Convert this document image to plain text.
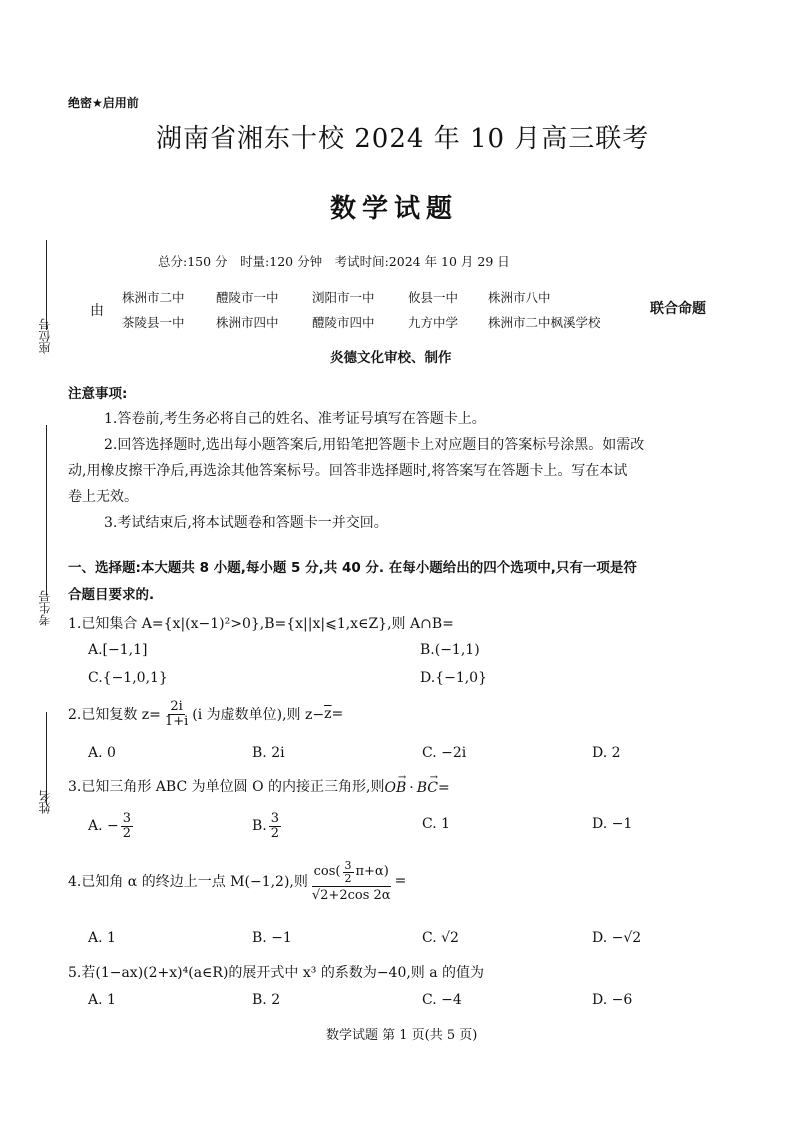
座位号
考生号
姓名
绝密★启用前
湖南省湘东十校 2024 年 10 月高三联考
数学试题
总分:150 分　时量:120 分钟　考试时间:2024 年 10 月 29 日
由
株洲市二中	醴陵市一中	浏阳市一中	攸县一中 株洲市八中
茶陵县一中	株洲市四中	醴陵市四中	九方中学 株洲市二中枫溪学校
联合命题
炎德文化审校、制作
注意事项:
1.答卷前,考生务必将自己的姓名、准考证号填写在答题卡上。
2.回答选择题时,选出每小题答案后,用铅笔把答题卡上对应题目的答案标号涂黑。如需改
动,用橡皮擦干净后,再选涂其他答案标号。回答非选择题时,将答案写在答题卡上。写在本试
卷上无效。
3.考试结束后,将本试题卷和答题卡一并交回。
一、选择题:本大题共 8 小题,每小题 5 分,共 40 分. 在每小题给出的四个选项中,只有一项是符
合题目要求的.
1.已知集合 A={x|(x−1)²>0},B={x||x|⩽1,x∈Z},则 A∩B=
A.[−1,1]	B.(−1,1)
C.{−1,0,1}	D.{−1,0}
2.已知复数 $z= \frac{2i}{1+i} (i$ 为虚数单位),则 $z- \overline{z}$ =
A. 0	B. 2i	C. −2i	D. 2
3.已知三角形 ABC 为单位圆 O 的内接正三角形,则
→
OB ·
→
BC =
A. − $\frac{3}{2}$	B. $\frac{3}{2}$	C. 1	D. −1
4.已知角 α 的终边上一点 M(−1,2),则 $\frac{\cos( \frac{3}{2} \pi+\alpha)}{√2+2\cos 2\alpha}$ =
A. 1	B. −1	C. √2	D. −√2
5.若(1−ax)(2+x)⁴(a∈R)的展开式中 x³ 的系数为−40,则 a 的值为
A. 1	B. 2	C. −4	D. −6
数学试题 第 1 页(共 5 页)
